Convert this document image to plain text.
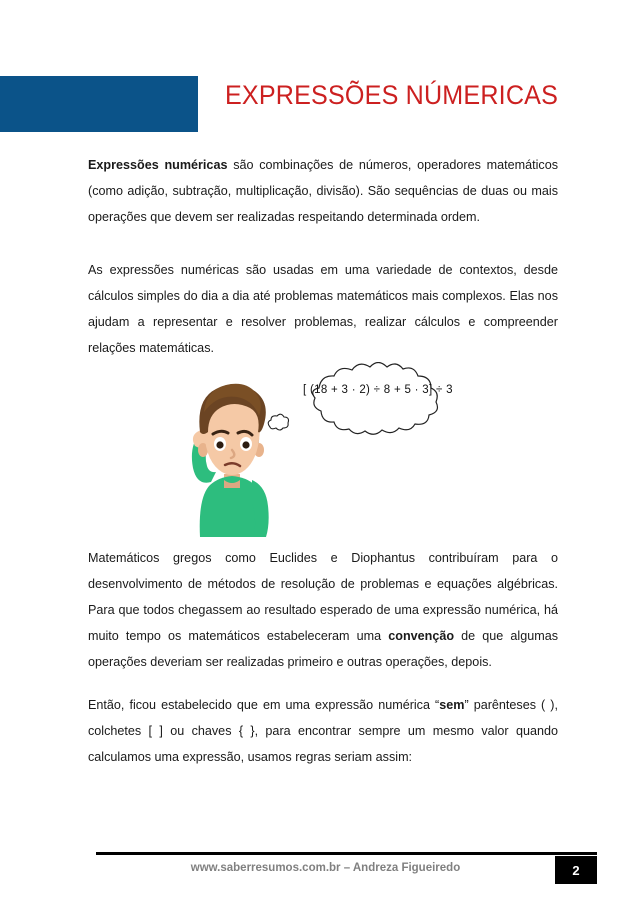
EXPRESSÕES NÚMERICAS
Expressões numéricas são combinações de números, operadores matemáticos (como adição, subtração, multiplicação, divisão). São sequências de duas ou mais operações que devem ser realizadas respeitando determinada ordem.
As expressões numéricas são usadas em uma variedade de contextos, desde cálculos simples do dia a dia até problemas matemáticos mais complexos. Elas nos ajudam a representar e resolver problemas, realizar cálculos e compreender relações matemáticas.
[ (18 + 3 · 2) ÷ 8 + 5 · 3] ÷ 3
Matemáticos gregos como Euclides e Diophantus contribuíram para o desenvolvimento de métodos de resolução de problemas e equações algébricas. Para que todos chegassem ao resultado esperado de uma expressão numérica, há muito tempo os matemáticos estabeleceram uma convenção de que algumas operações deveriam ser realizadas primeiro e outras operações, depois.
Então, ficou estabelecido que em uma expressão numérica “sem” parênteses ( ), colchetes [ ] ou chaves { }, para encontrar sempre um mesmo valor quando calculamos uma expressão, usamos regras seriam assim:
www.saberresumos.com.br – Andreza Figueiredo	2
